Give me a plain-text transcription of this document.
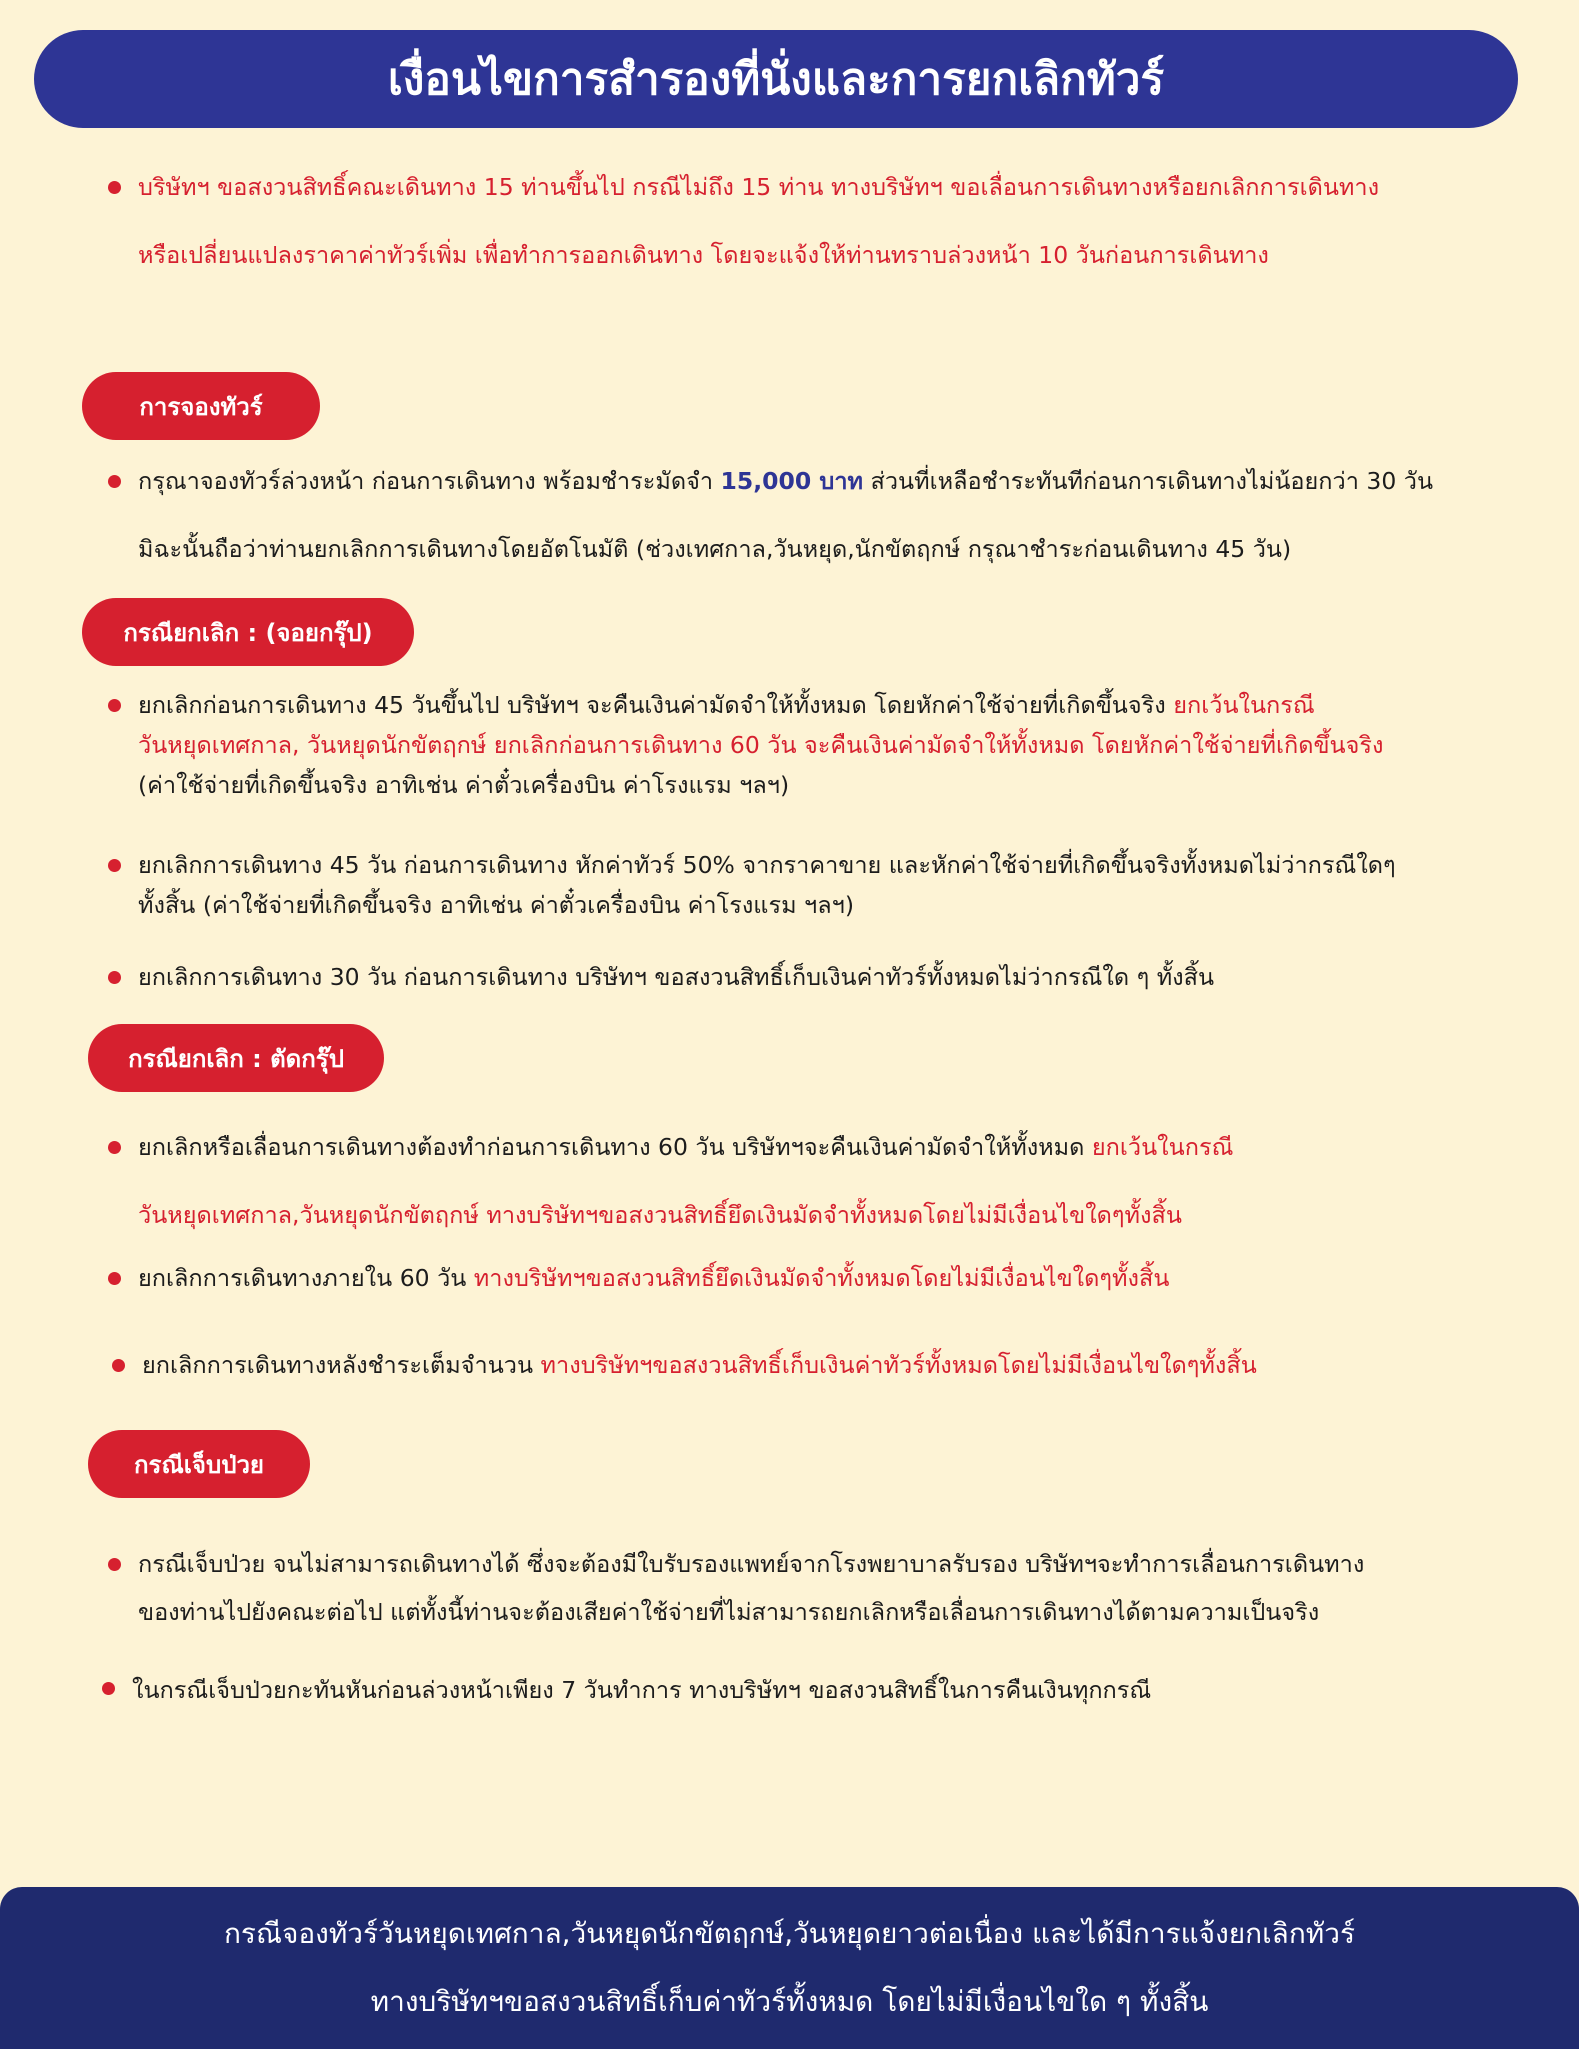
เงื่อนไขการสำรองที่นั่งและการยกเลิกทัวร์
บริษัทฯ ขอสงวนสิทธิ์คณะเดินทาง 15 ท่านขึ้นไป กรณีไม่ถึง 15 ท่าน ทางบริษัทฯ ขอเลื่อนการเดินทางหรือยกเลิกการเดินทาง
หรือเปลี่ยนแปลงราคาค่าทัวร์เพิ่ม เพื่อทำการออกเดินทาง โดยจะแจ้งให้ท่านทราบล่วงหน้า 10 วันก่อนการเดินทาง
การจองทัวร์
กรุณาจองทัวร์ล่วงหน้า ก่อนการเดินทาง พร้อมชำระมัดจำ 15,000 บาท ส่วนที่เหลือชำระทันทีก่อนการเดินทางไม่น้อยกว่า 30 วัน
มิฉะนั้นถือว่าท่านยกเลิกการเดินทางโดยอัตโนมัติ (ช่วงเทศกาล,วันหยุด,นักขัตฤกษ์ กรุณาชำระก่อนเดินทาง 45 วัน)
กรณียกเลิก : (จอยกรุ๊ป)
ยกเลิกก่อนการเดินทาง 45 วันขึ้นไป บริษัทฯ จะคืนเงินค่ามัดจำให้ทั้งหมด โดยหักค่าใช้จ่ายที่เกิดขึ้นจริง ยกเว้นในกรณี
วันหยุดเทศกาล, วันหยุดนักขัตฤกษ์ ยกเลิกก่อนการเดินทาง 60 วัน จะคืนเงินค่ามัดจำให้ทั้งหมด โดยหักค่าใช้จ่ายที่เกิดขึ้นจริง
(ค่าใช้จ่ายที่เกิดขึ้นจริง อาทิเช่น ค่าตั๋วเครื่องบิน ค่าโรงแรม ฯลฯ)
ยกเลิกการเดินทาง 45 วัน ก่อนการเดินทาง หักค่าทัวร์ 50% จากราคาขาย และหักค่าใช้จ่ายที่เกิดขึ้นจริงทั้งหมดไม่ว่ากรณีใดๆ
ทั้งสิ้น (ค่าใช้จ่ายที่เกิดขึ้นจริง อาทิเช่น ค่าตั๋วเครื่องบิน ค่าโรงแรม ฯลฯ)
ยกเลิกการเดินทาง 30 วัน ก่อนการเดินทาง บริษัทฯ ขอสงวนสิทธิ์เก็บเงินค่าทัวร์ทั้งหมดไม่ว่ากรณีใด ๆ ทั้งสิ้น
กรณียกเลิก : ตัดกรุ๊ป
ยกเลิกหรือเลื่อนการเดินทางต้องทำก่อนการเดินทาง 60 วัน บริษัทฯจะคืนเงินค่ามัดจำให้ทั้งหมด ยกเว้นในกรณี
วันหยุดเทศกาล,วันหยุดนักขัตฤกษ์ ทางบริษัทฯขอสงวนสิทธิ์ยึดเงินมัดจำทั้งหมดโดยไม่มีเงื่อนไขใดๆทั้งสิ้น
ยกเลิกการเดินทางภายใน 60 วัน ทางบริษัทฯขอสงวนสิทธิ์ยึดเงินมัดจำทั้งหมดโดยไม่มีเงื่อนไขใดๆทั้งสิ้น
ยกเลิกการเดินทางหลังชำระเต็มจำนวน ทางบริษัทฯขอสงวนสิทธิ์เก็บเงินค่าทัวร์ทั้งหมดโดยไม่มีเงื่อนไขใดๆทั้งสิ้น
กรณีเจ็บป่วย
กรณีเจ็บป่วย จนไม่สามารถเดินทางได้ ซึ่งจะต้องมีใบรับรองแพทย์จากโรงพยาบาลรับรอง บริษัทฯจะทำการเลื่อนการเดินทาง
ของท่านไปยังคณะต่อไป แต่ทั้งนี้ท่านจะต้องเสียค่าใช้จ่ายที่ไม่สามารถยกเลิกหรือเลื่อนการเดินทางได้ตามความเป็นจริง
ในกรณีเจ็บป่วยกะทันหันก่อนล่วงหน้าเพียง 7 วันทำการ ทางบริษัทฯ ขอสงวนสิทธิ์ในการคืนเงินทุกกรณี
กรณีจองทัวร์วันหยุดเทศกาล,วันหยุดนักขัตฤกษ์,วันหยุดยาวต่อเนื่อง และได้มีการแจ้งยกเลิกทัวร์
ทางบริษัทฯขอสงวนสิทธิ์เก็บค่าทัวร์ทั้งหมด โดยไม่มีเงื่อนไขใด ๆ ทั้งสิ้น
